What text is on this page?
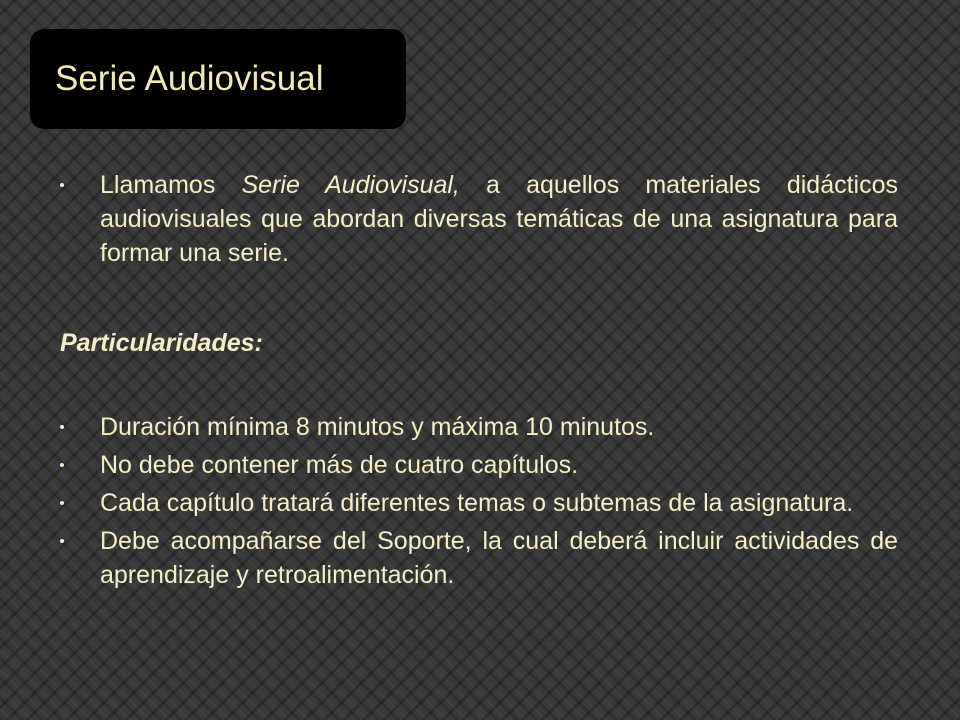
Serie Audiovisual
Llamamos Serie Audiovisual, a aquellos materiales didácticos audiovisuales que abordan diversas temáticas de una asignatura para formar una serie.
Particularidades:
Duración mínima 8 minutos y máxima 10 minutos.
No debe contener más de cuatro capítulos.
Cada capítulo tratará diferentes temas o subtemas de la asignatura.
Debe acompañarse del Soporte, la cual deberá incluir actividades de aprendizaje y retroalimentación.
